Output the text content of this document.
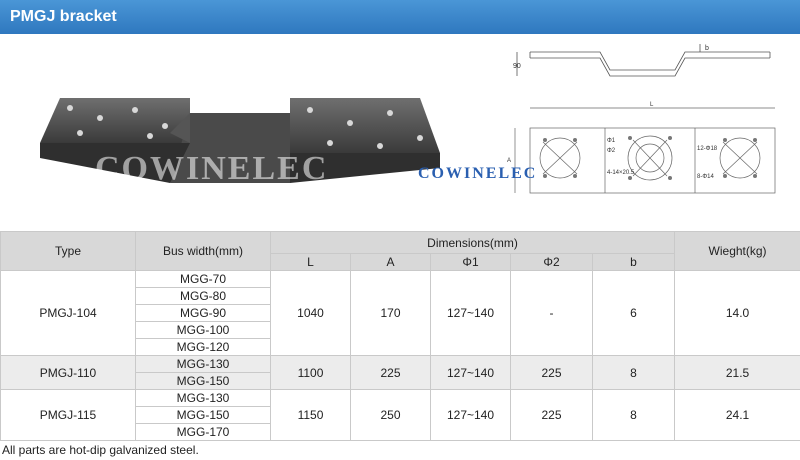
PMGJ bracket
COWINELEC
90
b
L
A
Φ1
Φ2
4-14×20.5
12-Φ18
8-Φ14
COWINELEC
Type	Bus width(mm)	Dimensions(mm)					Wieght(kg)
		L	A	Φ1	Φ2	b	
PMGJ-104	MGG-70	1040	170	127~140	-	6	14.0
	MGG-80						
	MGG-90						
	MGG-100						
	MGG-120						
PMGJ-110	MGG-130	1100	225	127~140	225	8	21.5
	MGG-150						
PMGJ-115	MGG-130	1150	250	127~140	225	8	24.1
	MGG-150						
	MGG-170						
All parts are hot-dip galvanized steel.
